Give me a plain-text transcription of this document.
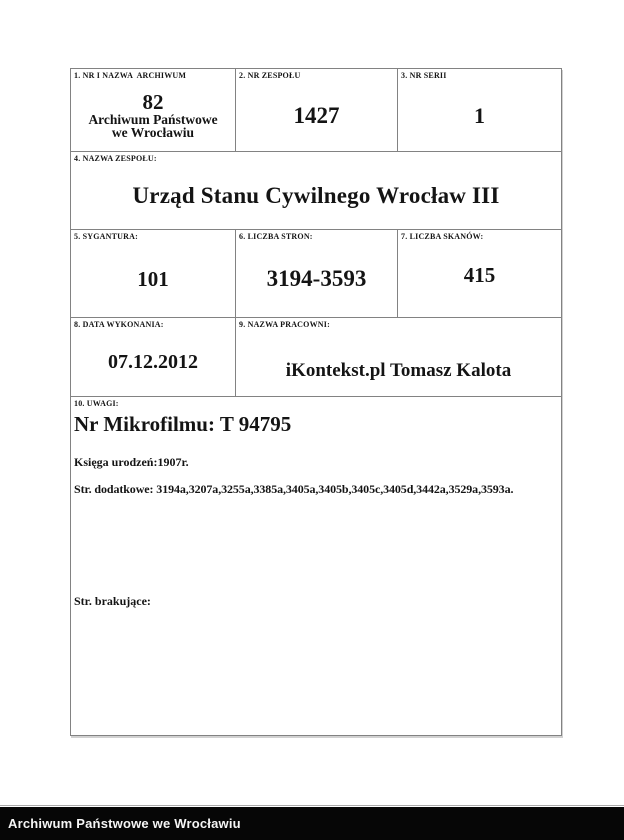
1. NR I NAZWA  ARCHIWUM
82
Archiwum Państwowe
we Wrocławiu
2. NR ZESPOŁU
1427
3. NR SERII
1
4. NAZWA ZESPOŁU:
Urząd Stanu Cywilnego Wrocław III
5. SYGANTURA:
101
6. LICZBA STRON:
3194-3593
7. LICZBA SKANÓW:
415
8. DATA WYKONANIA:
07.12.2012
9. NAZWA PRACOWNI:
iKontekst.pl Tomasz Kalota
10. UWAGI:
Nr Mikrofilmu: T 94795
Księga urodzeń:1907r.
Str. dodatkowe: 3194a,3207a,3255a,3385a,3405a,3405b,3405c,3405d,3442a,3529a,3593a.
Str. brakujące:
Archiwum Państwowe we Wrocławiu
